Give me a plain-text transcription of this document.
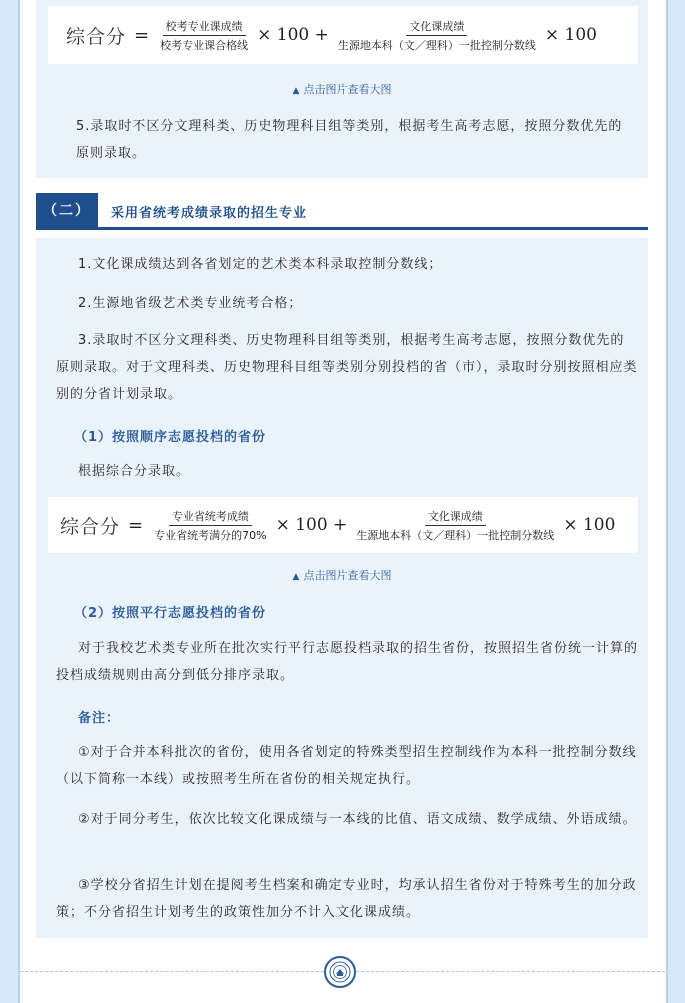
综合分 = $\frac{\text{校考专业课成绩}}{\text{校考专业课合格线}} \times 100 + \frac{\text{文化课成绩}}{\text{生源地本科（文／理科）一批控制分数线}} \times 100$
▲ 点击图片查看大图

5.录取时不区分文理科类、历史物理科目组等类别，根据考生高考志愿，按照分数优先的原则录取。

（二）	采用省统考成绩录取的招生专业

1.文化课成绩达到各省划定的艺术类本科录取控制分数线；

2.生源地省级艺术类专业统考合格；

3.录取时不区分文理科类、历史物理科目组等类别，根据考生高考志愿，按照分数优先的原则录取。对于文理科类、历史物理科目组等类别分别投档的省（市），录取时分别按照相应类别的分省计划录取。

（1）按照顺序志愿投档的省份

根据综合分录取。

综合分 = $\frac{\text{专业省统考成绩}}{\text{专业省统考满分的70\%}} \times 100 + \frac{\text{文化课成绩}}{\text{生源地本科（文／理科）一批控制分数线}} \times 100$
▲ 点击图片查看大图
（2）按照平行志愿投档的省份

对于我校艺术类专业所在批次实行平行志愿投档录取的招生省份，按照招生省份统一计算的投档成绩规则由高分到低分排序录取。

备注：

①对于合并本科批次的省份，使用各省划定的特殊类型招生控制线作为本科一批控制分数线（以下简称一本线）或按照考生所在省份的相关规定执行。

②对于同分考生，依次比较文化课成绩与一本线的比值、语文成绩、数学成绩、外语成绩。

③学校分省招生计划在提阅考生档案和确定专业时，均承认招生省份对于特殊考生的加分政策；不分省招生计划考生的政策性加分不计入文化课成绩。
